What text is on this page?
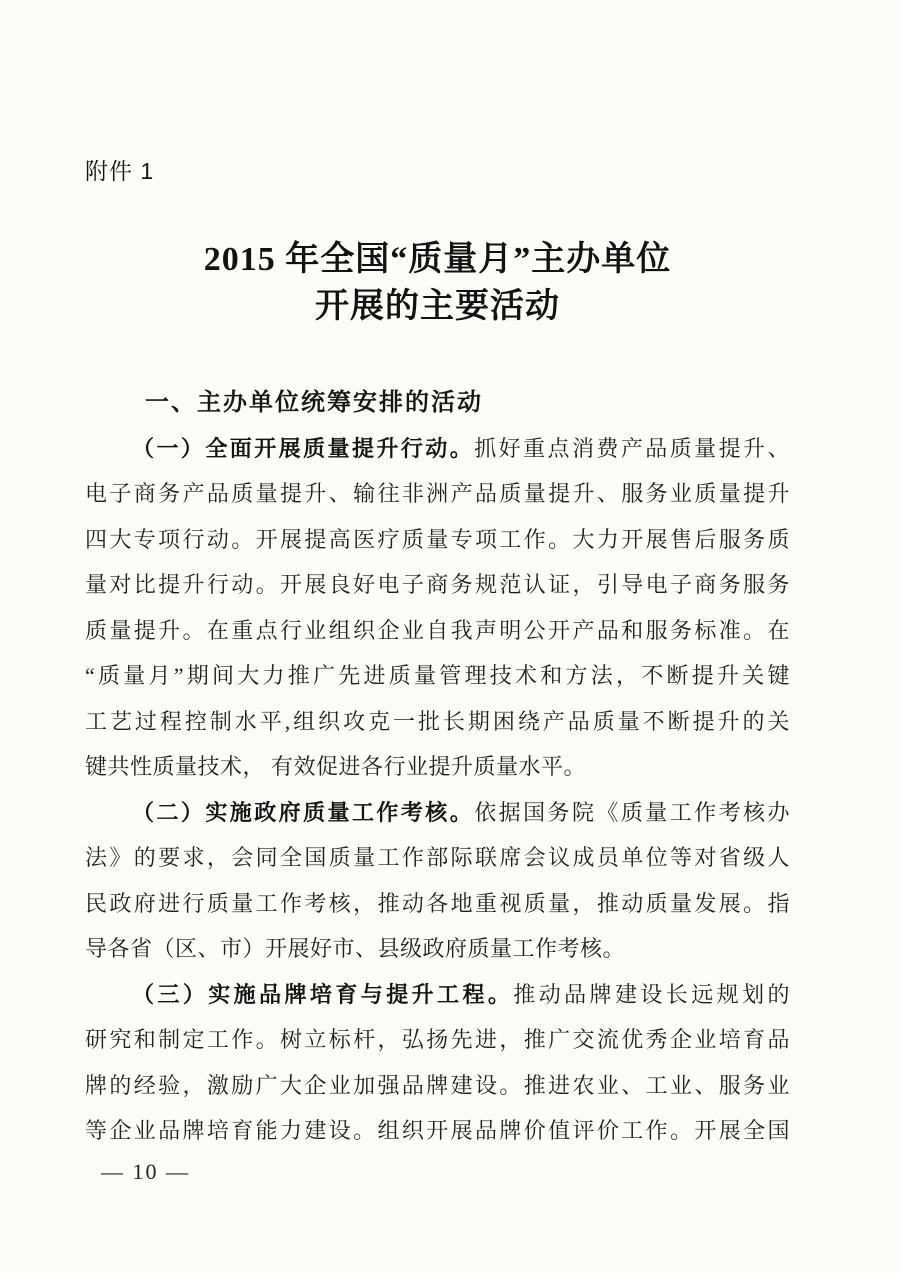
附件 1
2015 年全国“质量月”主办单位
开展的主要活动
一、主办单位统筹安排的活动
（一）全面开展质量提升行动。抓好重点消费产品质量提升、
电子商务产品质量提升、输往非洲产品质量提升、服务业质量提升
四大专项行动。开展提高医疗质量专项工作。大力开展售后服务质
量对比提升行动。开展良好电子商务规范认证，引导电子商务服务
质量提升。在重点行业组织企业自我声明公开产品和服务标准。在
“质量月”期间大力推广先进质量管理技术和方法，不断提升关键
工艺过程控制水平,组织攻克一批长期困绕产品质量不断提升的关
键共性质量技术， 有效促进各行业提升质量水平。
（二）实施政府质量工作考核。依据国务院《质量工作考核办
法》的要求，会同全国质量工作部际联席会议成员单位等对省级人
民政府进行质量工作考核，推动各地重视质量，推动质量发展。指
导各省（区、市）开展好市、县级政府质量工作考核。
（三）实施品牌培育与提升工程。推动品牌建设长远规划的
研究和制定工作。树立标杆，弘扬先进，推广交流优秀企业培育品
牌的经验，激励广大企业加强品牌建设。推进农业、工业、服务业
等企业品牌培育能力建设。组织开展品牌价值评价工作。开展全国
— 10 —
